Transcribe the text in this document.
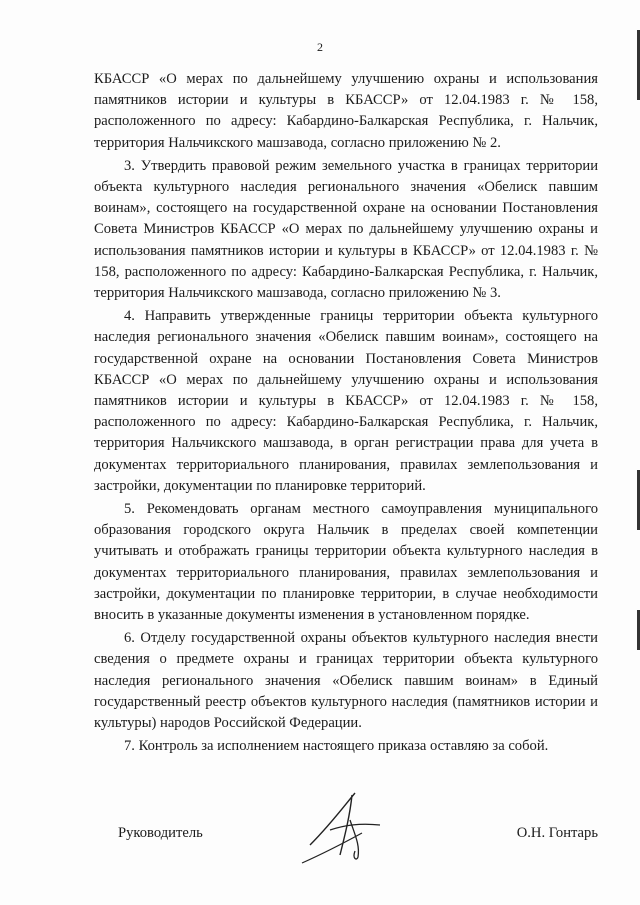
2

КБАССР «О мерах по дальнейшему улучшению охраны и использования памятников истории и культуры в КБАССР» от 12.04.1983 г. № 158, расположенного по адресу: Кабардино-Балкарская Республика, г. Нальчик, территория Нальчикского машзавода, согласно приложению № 2.

3. Утвердить правовой режим земельного участка в границах территории объекта культурного наследия регионального значения «Обелиск павшим воинам», состоящего на государственной охране на основании Постановления Совета Министров КБАССР «О мерах по дальнейшему улучшению охраны и использования памятников истории и культуры в КБАССР» от 12.04.1983 г. № 158, расположенного по адресу: Кабардино-Балкарская Республика, г. Нальчик, территория Нальчикского машзавода, согласно приложению № 3.

4. Направить утвержденные границы территории объекта культурного наследия регионального значения «Обелиск павшим воинам», состоящего на государственной охране на основании Постановления Совета Министров КБАССР «О мерах по дальнейшему улучшению охраны и использования памятников истории и культуры в КБАССР» от 12.04.1983 г. № 158, расположенного по адресу: Кабардино-Балкарская Республика, г. Нальчик, территория Нальчикского машзавода, в орган регистрации права для учета в документах территориального планирования, правилах землепользования и застройки, документации по планировке территорий.

5. Рекомендовать органам местного самоуправления муниципального образования городского округа Нальчик в пределах своей компетенции учитывать и отображать границы территории объекта культурного наследия в документах территориального планирования, правилах землепользования и застройки, документации по планировке территории, в случае необходимости вносить в указанные документы изменения в установленном порядке.

6. Отделу государственной охраны объектов культурного наследия внести сведения о предмете охраны и границах территории объекта культурного наследия регионального значения «Обелиск павшим воинам» в Единый государственный реестр объектов культурного наследия (памятников истории и культуры) народов Российской Федерации.

7. Контроль за исполнением настоящего приказа оставляю за собой.

Руководитель	О.Н. Гонтарь
